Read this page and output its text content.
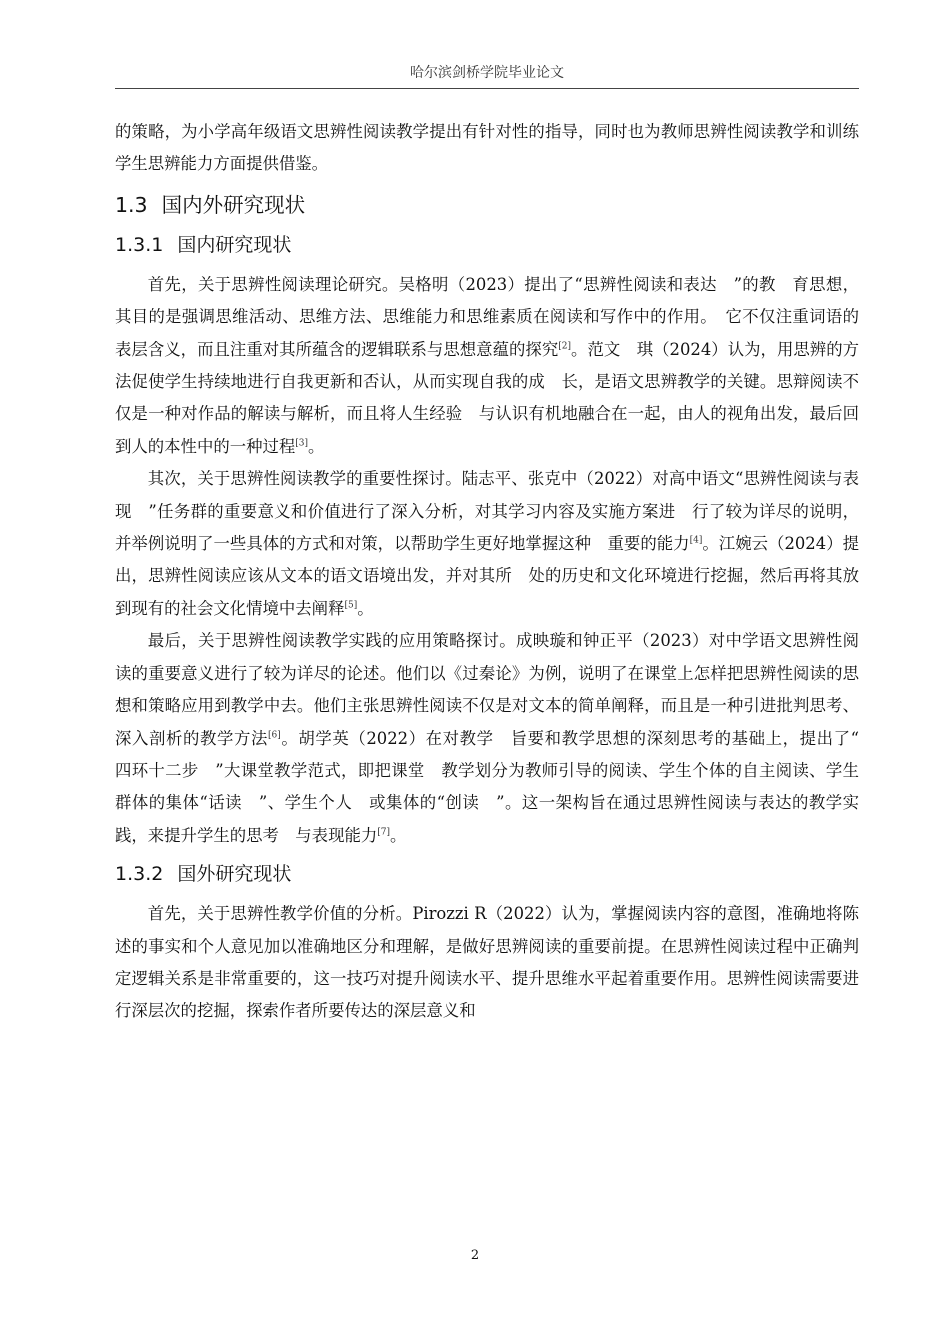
哈尔滨剑桥学院毕业论文

的策略，为小学高年级语文思辨性阅读教学提出有针对性的指导，同时也为教师思辨性阅读教学和训练学生思辨能力方面提供借鉴。

1.3 国内外研究现状
1.3.1 国内研究现状

首先，关于思辨性阅读理论研究。吴格明（2023）提出了“思辨性阅读和表达　”的教　育思想，其目的是强调思维活动、思维方法、思维能力和思维素质在阅读和写作中的作用。　它不仅注重词语的表层含义，而且注重对其所蕴含的逻辑联系与思想意蕴的探究[2]。范文　琪（2024）认为，用思辨的方法促使学生持续地进行自我更新和否认，从而实现自我的成　长，是语文思辨教学的关键。思辩阅读不仅是一种对作品的解读与解析，而且将人生经验　与认识有机地融合在一起，由人的视角出发，最后回到人的本性中的一种过程[3]。

其次，关于思辨性阅读教学的重要性探讨。陆志平、张克中（2022）对高中语文“思辨性阅读与表现　”任务群的重要意义和价值进行了深入分析，对其学习内容及实施方案进　行了较为详尽的说明，并举例说明了一些具体的方式和对策，以帮助学生更好地掌握这种　重要的能力[4]。江婉云（2024）提出，思辨性阅读应该从文本的语文语境出发，并对其所　处的历史和文化环境进行挖掘，然后再将其放到现有的社会文化情境中去阐释[5]。

最后，关于思辨性阅读教学实践的应用策略探讨。成映璇和钟正平（2023）对中学语文思辨性阅读的重要意义进行了较为详尽的论述。他们以《过秦论》为例，说明了在课堂上怎样把思辨性阅读的思想和策略应用到教学中去。他们主张思辨性阅读不仅是对文本的简单阐释，而且是一种引进批判思考、深入剖析的教学方法[6]。胡学英（2022）在对教学　旨要和教学思想的深刻思考的基础上，提出了“　四环十二步　”大课堂教学范式，即把课堂　教学划分为教师引导的阅读、学生个体的自主阅读、学生群体的集体“话读　”、学生个人　或集体的“创读　”。这一架构旨在通过思辨性阅读与表达的教学实践，来提升学生的思考　与表现能力[7]。

1.3.2 国外研究现状

首先，关于思辨性教学价值的分析。Pirozzi R（2022）认为，掌握阅读内容的意图，准确地将陈述的事实和个人意见加以准确地区分和理解，是做好思辨阅读的重要前提。在思辨性阅读过程中正确判定逻辑关系是非常重要的，这一技巧对提升阅读水平、提升思维水平起着重要作用。思辨性阅读需要进行深层次的挖掘，探索作者所要传达的深层意义和

2
